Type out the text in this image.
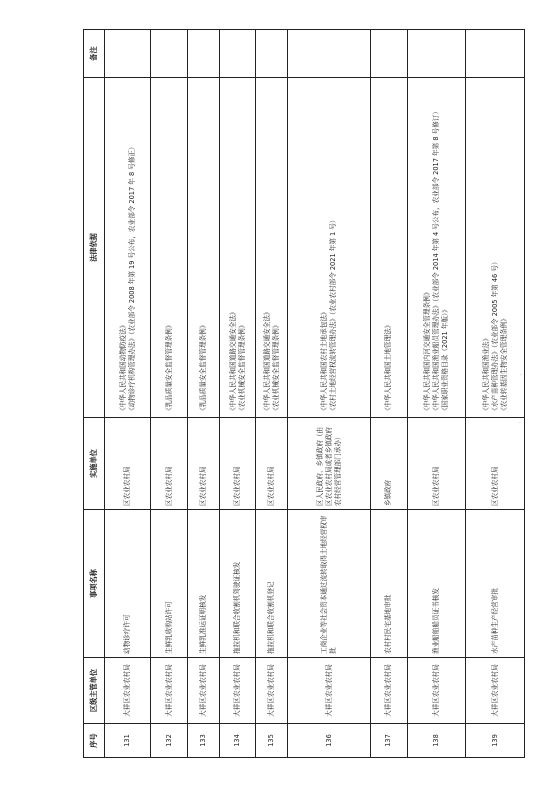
序号	区级主管单位	事项名称	实施单位	法律依据	备注
131	大祥区农业农村局	动物诊疗许可	区农业农村局	《中华人民共和国动物防疫法》 《动物诊疗机构管理办法》（农业部令 2008 年第 19 号公布，农业部令 2017 年 8 号修正）	

132	大祥区农业农村局	生鲜乳收购站许可	区农业农村局	《乳品质量安全监督管理条例》	

133	大祥区农业农村局	生鲜乳准运证明核发	区农业农村局	《乳品质量安全监督管理条例》	

134	大祥区农业农村局	拖拉机和联合收割机驾驶证核发	区农业农村局	《中华人民共和国道路交通安全法》 《农业机械安全监督管理条例》	

135	大祥区农业农村局	拖拉机和联合收割机登记	区农业农村局	《中华人民共和国道路交通安全法》 《农业机械安全监督管理条例》	

136	大祥区农业农村局	工商企业等社会资本通过流转取得土地经营权审批	区人民政府、乡镇政府（由区农业农村局或者乡镇政府农村经营管理部门承办）	《中华人民共和国农村土地承包法》 《农村土地经营权流转管理办法》（农业农村部令 2021 年第 1 号）	

137	大祥区农业农村局	农村村民宅基地审批	乡镇政府	《中华人民共和国土地管理法》	

138	大祥区农业农村局	渔业船舶船员证书核发	区农业农村局	《中华人民共和国内河交通安全管理条例》 《中华人民共和国渔业船员管理办法》（农业部令 2014 年第 4 号公布，农业部令 2017 年第 8 号修订） 《国家职业资格目录（2021 年版）》	

139	大祥区农业农村局	水产苗种生产经营审批	区农业农村局	《中华人民共和国渔业法》 《水产苗种管理办法》（农业部令 2005 年第 46 号） 《农业转基因生物安全管理条例》	
	·
·
